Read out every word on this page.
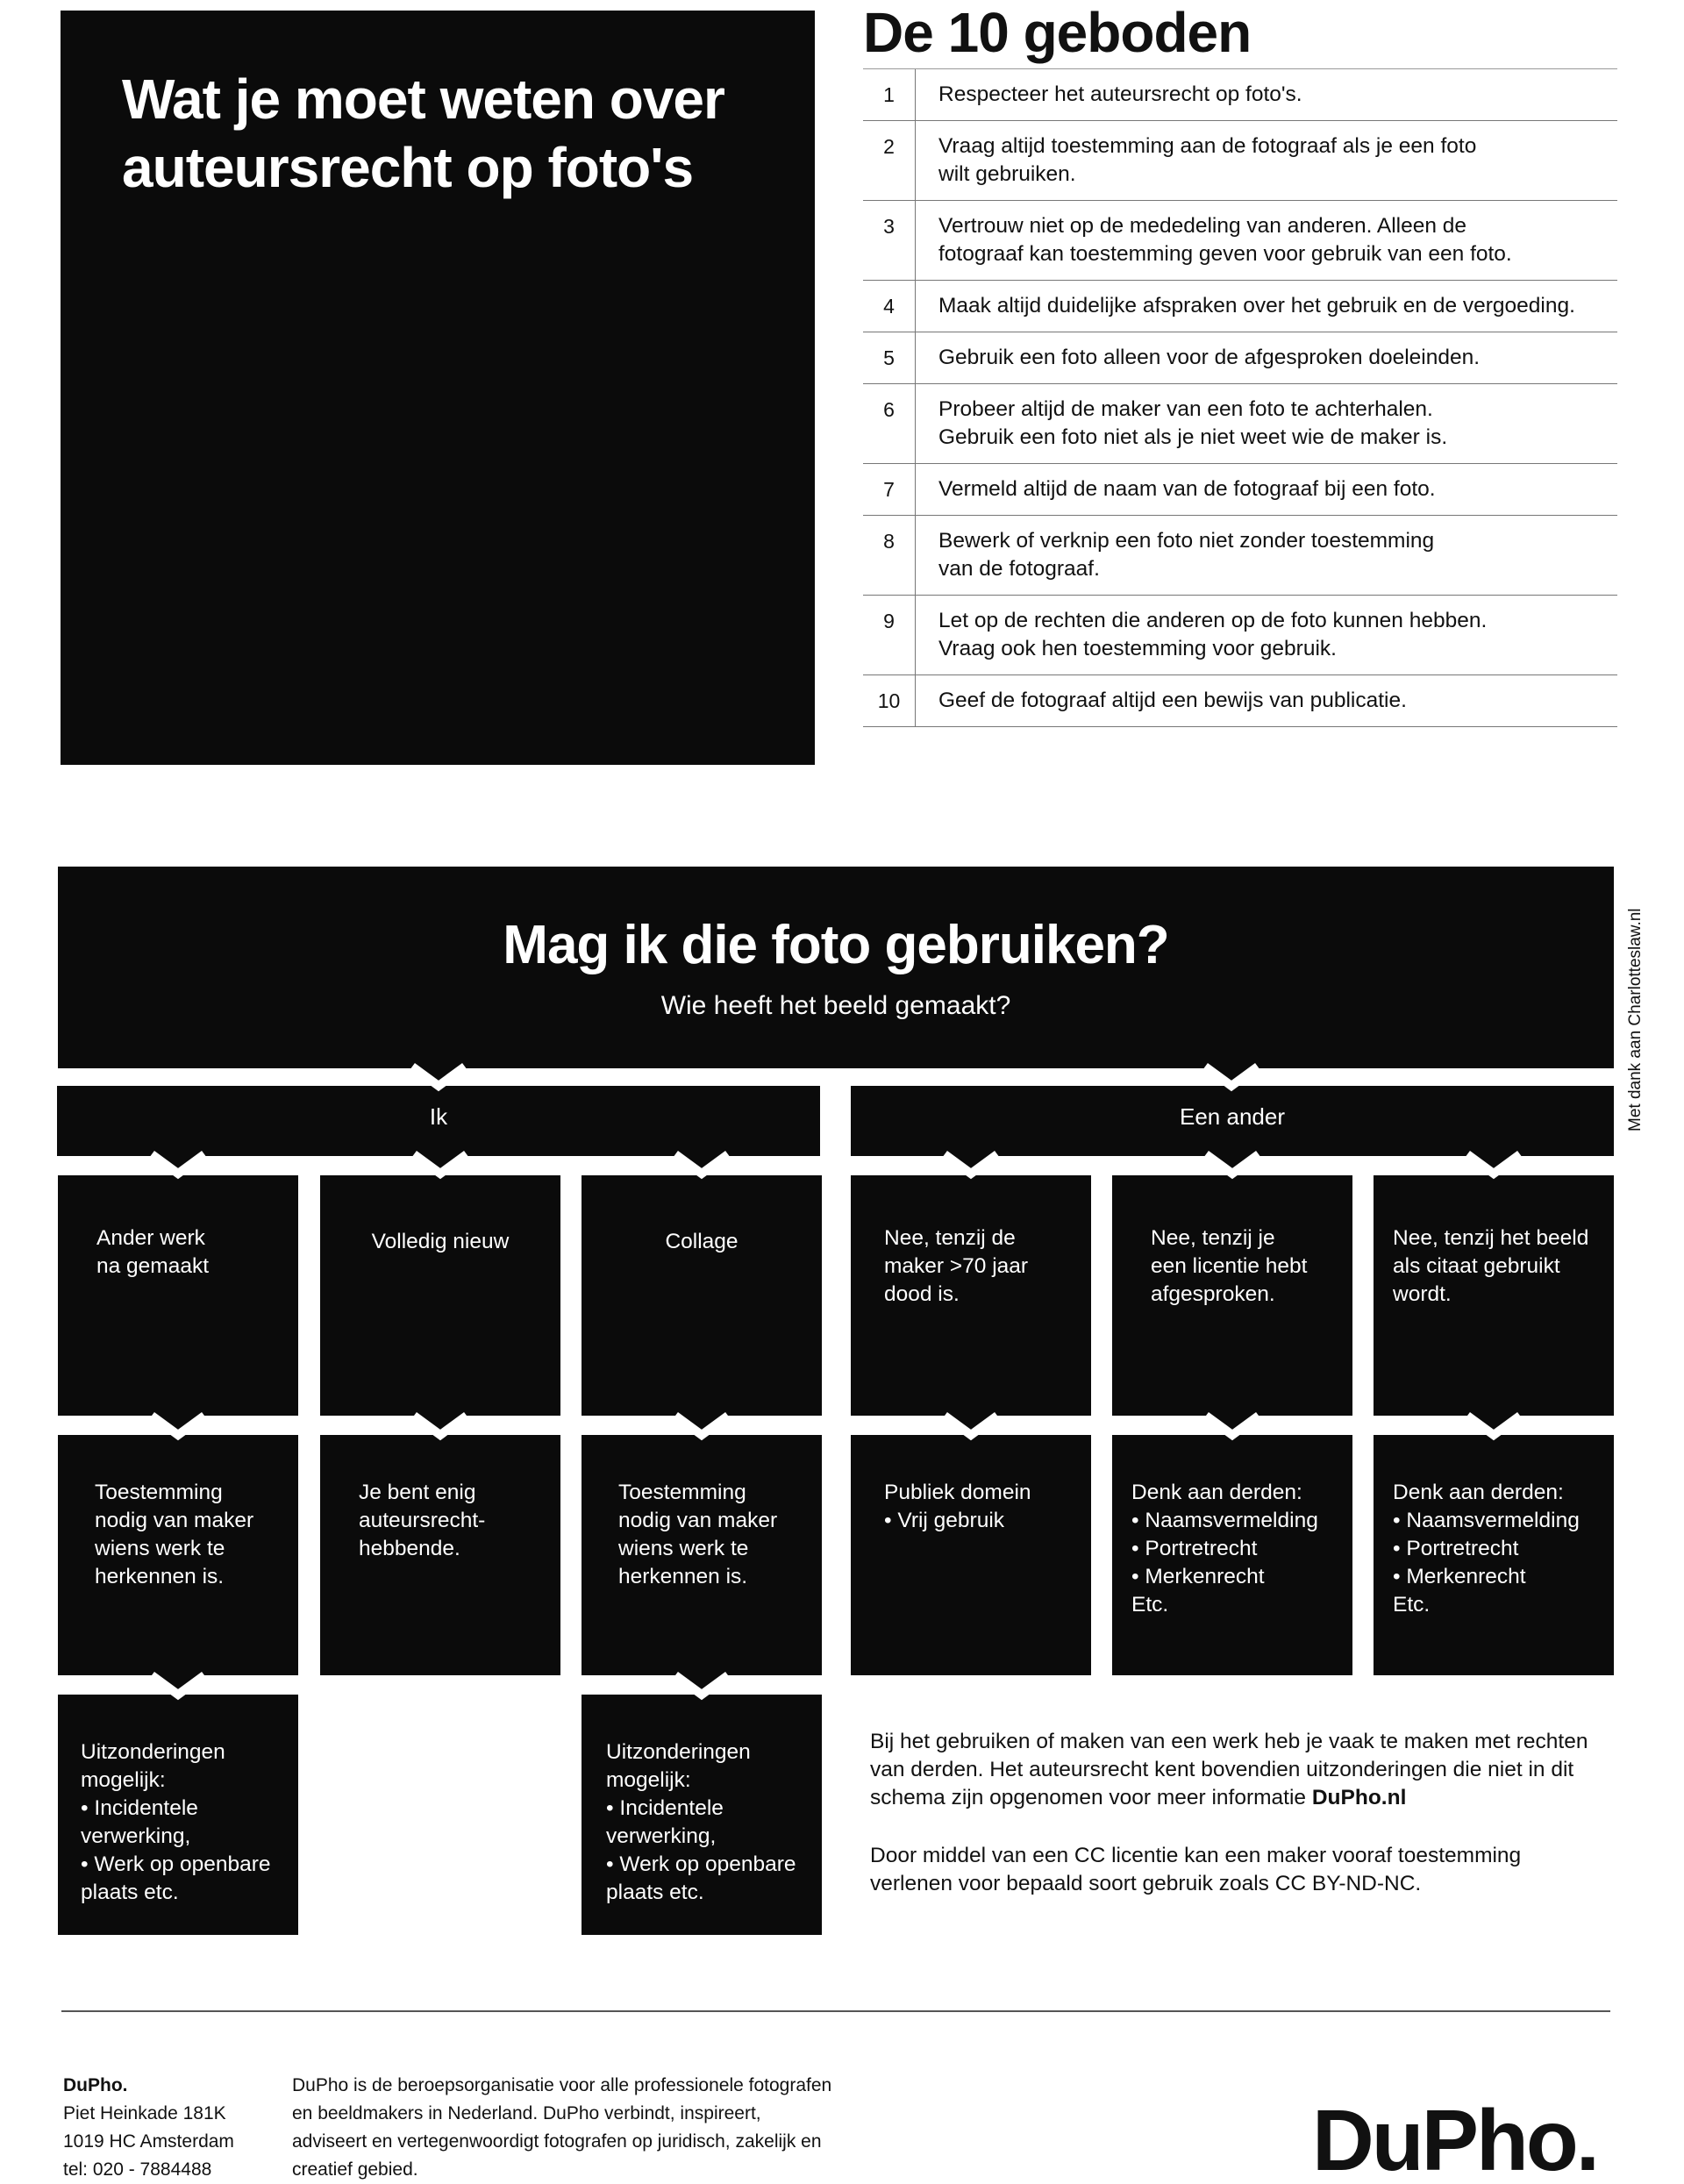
Wat je moet weten over auteursrecht op foto's
De 10 geboden
1	Respecteer het auteursrecht op foto's.
2	Vraag altijd toestemming aan de fotograaf als je een foto
wilt gebruiken.
3	Vertrouw niet op de mededeling van anderen. Alleen de
fotograaf kan toestemming geven voor gebruik van een foto.
4	Maak altijd duidelijke afspraken over het gebruik en de vergoeding.
5	Gebruik een foto alleen voor de afgesproken doeleinden.
6	Probeer altijd de maker van een foto te achterhalen.
Gebruik een foto niet als je niet weet wie de maker is.
7	Vermeld altijd de naam van de fotograaf bij een foto.
8	Bewerk of verknip een foto niet zonder toestemming
van de fotograaf.
9	Let op de rechten die anderen op de foto kunnen hebben.
Vraag ook hen toestemming voor gebruik.
10	Geef de fotograaf altijd een bewijs van publicatie.
Mag ik die foto gebruiken?
Wie heeft het beeld gemaakt?
Ik	Een ander
Ander werk
na gemaakt
Volledig nieuw	Collage	Nee, tenzij de
maker >70 jaar
dood is.
Nee, tenzij je
een licentie hebt
afgesproken.
Nee, tenzij het beeld
als citaat gebruikt
wordt.
Toestemming
nodig van maker
wiens werk te
herkennen is.
Je bent enig
auteursrecht-
hebbende.
Toestemming
nodig van maker
wiens werk te
herkennen is.
Publiek domein
• Vrij gebruik
Denk aan derden:
• Naamsvermelding
• Portretrecht
• Merkenrecht
Etc.
Denk aan derden:
• Naamsvermelding
• Portretrecht
• Merkenrecht
Etc.
Uitzonderingen
mogelijk:
• Incidentele
verwerking,
• Werk op openbare
plaats etc.
Uitzonderingen
mogelijk:
• Incidentele
verwerking,
• Werk op openbare
plaats etc.

Bij het gebruiken of maken van een werk heb je vaak te maken met rechten van derden. Het auteursrecht kent bovendien uitzonderingen die niet in dit schema zijn opgenomen voor meer informatie DuPho.nl

Door middel van een CC licentie kan een maker vooraf toestemming verlenen voor bepaald soort gebruik zoals CC BY-ND-NC.

Met dank aan Charlotteslaw.nl
DuPho.
Piet Heinkade 181K
1019 HC Amsterdam
tel: 020 - 7884488
DuPho is de beroepsorganisatie voor alle professionele fotografen en beeldmakers in Nederland. DuPho verbindt, inspireert, adviseert en vertegenwoordigt fotografen op juridisch, zakelijk en creatief gebied.	DuPho.
